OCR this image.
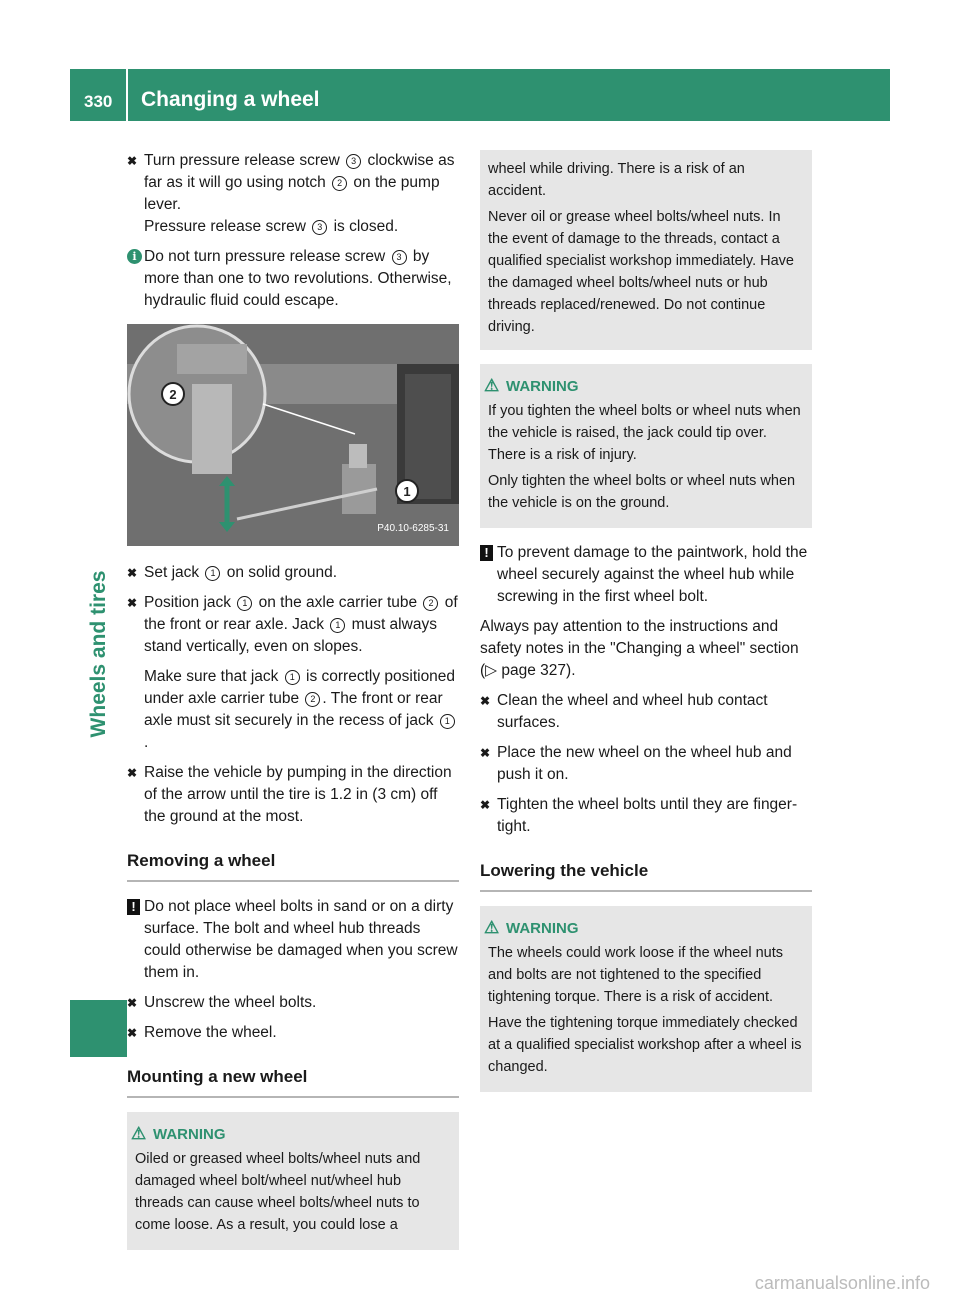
330 Changing a wheel
Wheels and tires
✖ Turn pressure release screw 3 clockwise as far as it will go using notch 2 on the pump lever.
Pressure release screw 3 is closed.
i Do not turn pressure release screw 3 by more than one to two revolutions. Otherwise, hydraulic fluid could escape.
2
1
P40.10-6285-31
✖ Set jack 1 on solid ground.
✖ Position jack 1 on the axle carrier tube 2 of the front or rear axle. Jack 1 must always stand vertically, even on slopes.
Make sure that jack 1 is correctly positioned under axle carrier tube 2 . The front or rear axle must sit securely in the recess of jack 1.
✖ Raise the vehicle by pumping in the direction of the arrow until the tire is 1.2 in (3 cm) off the ground at the most.
Removing a wheel
! Do not place wheel bolts in sand or on a dirty surface. The bolt and wheel hub threads could otherwise be damaged when you screw them in.
✖ Unscrew the wheel bolts.
✖ Remove the wheel.
Mounting a new wheel
⚠ WARNING

Oiled or greased wheel bolts/wheel nuts and damaged wheel bolt/wheel nut/wheel hub threads can cause wheel bolts/wheel nuts to come loose. As a result, you could lose a

wheel while driving. There is a risk of an accident.

Never oil or grease wheel bolts/wheel nuts. In the event of damage to the threads, contact a qualified specialist workshop immediately. Have the damaged wheel bolts/wheel nuts or hub threads replaced/renewed. Do not continue driving.

⚠ WARNING

If you tighten the wheel bolts or wheel nuts when the vehicle is raised, the jack could tip over. There is a risk of injury.

Only tighten the wheel bolts or wheel nuts when the vehicle is on the ground.

! To prevent damage to the paintwork, hold the wheel securely against the wheel hub while screwing in the first wheel bolt.
Always pay attention to the instructions and safety notes in the "Changing a wheel" section (▷ page 327).
✖ Clean the wheel and wheel hub contact surfaces.
✖ Place the new wheel on the wheel hub and push it on.
✖ Tighten the wheel bolts until they are finger-tight.
Lowering the vehicle
⚠ WARNING

The wheels could work loose if the wheel nuts and bolts are not tightened to the specified tightening torque. There is a risk of accident.

Have the tightening torque immediately checked at a qualified specialist workshop after a wheel is changed.

carmanualsonline.info
